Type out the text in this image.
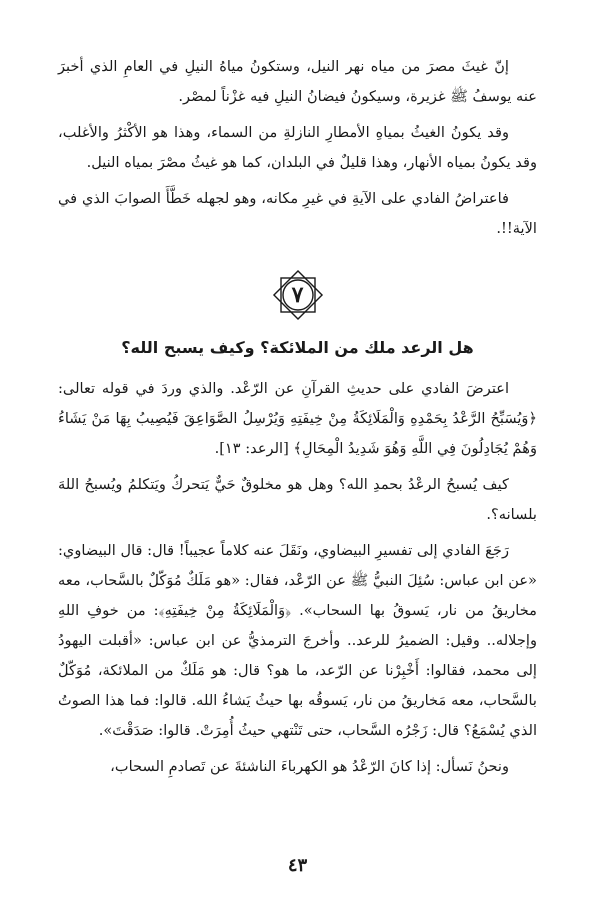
إنّ غيثَ مصرَ من مياه نهر النيل، وستكونُ مياهُ النيلِ في العامِ الذي أخبرَ عنه يوسفُ ﷺ غزيرة، وسيكونُ فيضانُ النيلِ فيه غزْناً لمصْر.

وقد يكونُ الغيثُ بمياهِ الأمطارِ النازلةِ من السماء، وهذا هو الأكْثرُ والأغلب، وقد يكونُ بمياه الأنهار، وهذا قليلٌ في البلدان، كما هو غيثُ مصْرَ بمياه النيل.

فاعتراضُ الفادي على الآيةِ في غيرِ مكانه، وهو لجهله خَطَّأَ الصوابَ الذي في الآية!!.

٧
هل الرعد ملك من الملائكة؟ وكيف يسبح الله؟

اعترضَ الفادي على حديثِ القرآنِ عن الرّعْد. والذي وردَ في قوله تعالى: ﴿وَيُسَبِّحُ الرَّعْدُ بِحَمْدِهِ وَالْمَلَائِكَةُ مِنْ خِيفَتِهِ وَيُرْسِلُ الصَّوَاعِقَ فَيُصِيبُ بِهَا مَنْ يَشَاءُ وَهُمْ يُجَادِلُونَ فِي اللَّهِ وَهُوَ شَدِيدُ الْمِحَالِ﴾ [الرعد: ١٣].

كيف يُسبحُ الرعْدُ بحمدِ الله؟ وهل هو مخلوقٌ حَيٌّ يَتحركُ ويَتكلمُ ويُسبحُ اللهَ بلسانه؟.

رَجَعَ الفادي إلى تفسيرِ البيضاوي، ونَقَلَ عنه كلاماً عجيباً! قال: قال البيضاوي: «عن ابن عباس: سُئِلَ النبيُّ ﷺ عن الرّعْد، فقال: «هو مَلَكٌ مُوَكّلٌ بالسَّحاب، معه مخاريقُ من نار، يَسوقُ بها السحاب». ﴿وَالْمَلَائِكَةُ مِنْ خِيفَتِهِ﴾: من خوفِ اللهِ وإجلاله.. وقيل: الضميرُ للرعد.. وأخرجَ الترمذيُّ عن ابن عباس: «أقبلت اليهودُ إلى محمد، فقالوا: أَخْبِرْنا عن الرّعد، ما هو؟ قال: هو مَلَكٌ من الملائكة، مُوَكّلٌ بالسَّحاب، معه مَخاريقُ من نار، يَسوقُه بها حيثُ يَشاءُ الله. قالوا: فما هذا الصوتُ الذي يُسْمَعُ؟ قال: زَجْرُه السَّحاب، حتى تَنْتهي حيثُ أُمِرَتْ. قالوا: صَدَقْتَ».

ونحنُ نَسأل: إذا كانَ الرّعْدُ هو الكهرباءَ الناشئةَ عن تَصادمِ السحاب،

٤٣
